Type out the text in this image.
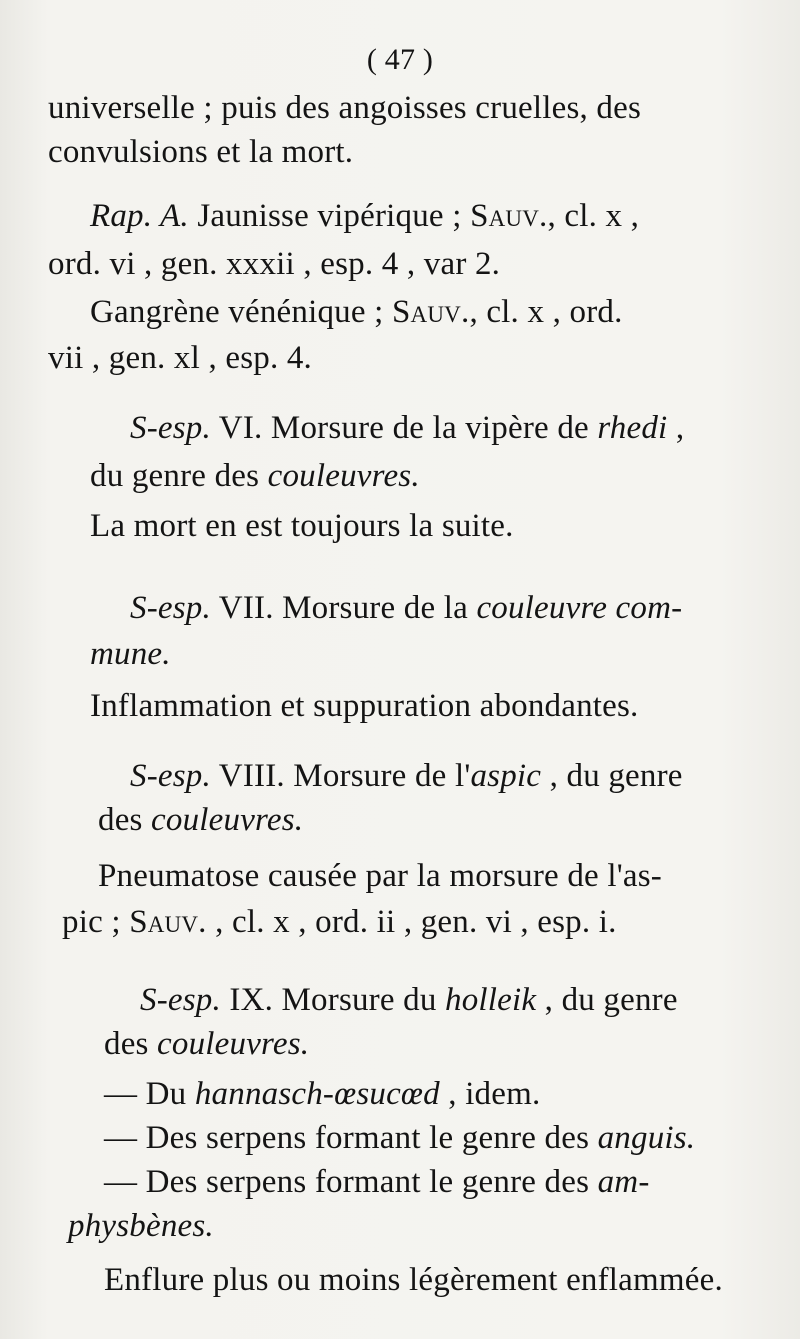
( 47 )
universelle ; puis des angoisses cruelles, des
convulsions et la mort.
Rap. A. Jaunisse vipérique ; Sauv., cl. x ,
ord. vi , gen. xxxii , esp. 4 , var 2.
Gangrène vénénique ; Sauv., cl. x , ord.
vii , gen. xl , esp. 4.
S-esp. VI. Morsure de la vipère de rhedi ,
du genre des couleuvres.
La mort en est toujours la suite.
S-esp. VII. Morsure de la couleuvre com-
mune.
Inflammation et suppuration abondantes.
S-esp. VIII. Morsure de l'aspic , du genre
des couleuvres.
Pneumatose causée par la morsure de l'as-
pic ; Sauv. , cl. x , ord. ii , gen. vi , esp. i.
S-esp. IX. Morsure du holleik , du genre
des couleuvres.
— Du hannasch-œsucœd , idem.
— Des serpens formant le genre des anguis.
— Des serpens formant le genre des am-
physbènes.
Enflure plus ou moins légèrement enflammée.
